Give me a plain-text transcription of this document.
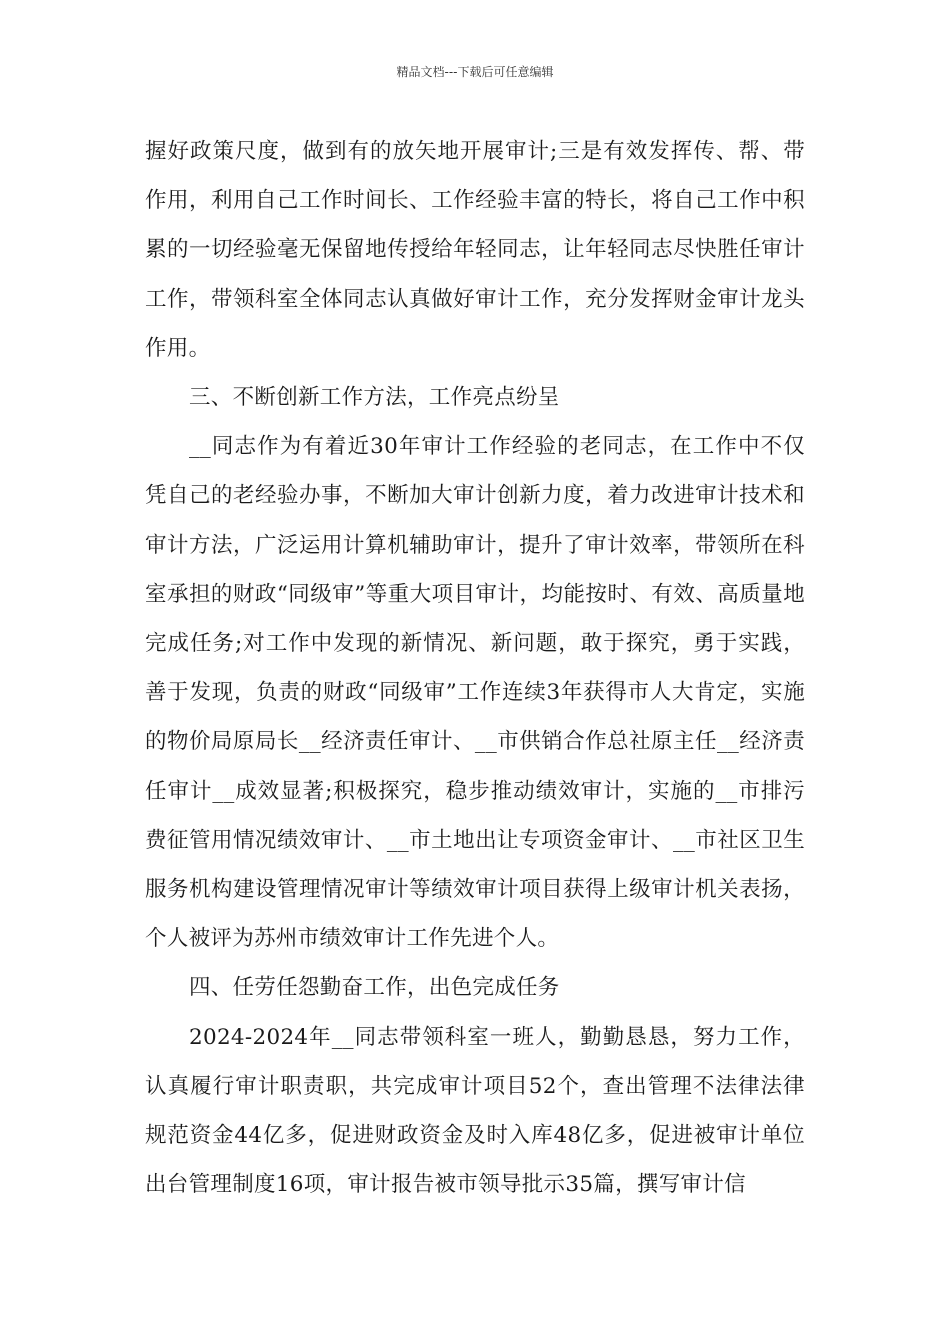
精品文档---下载后可任意编辑

握好政策尺度，做到有的放矢地开展审计;三是有效发挥传、帮、带作用，利用自己工作时间长、工作经验丰富的特长，将自己工作中积累的一切经验毫无保留地传授给年轻同志，让年轻同志尽快胜任审计工作，带领科室全体同志认真做好审计工作，充分发挥财金审计龙头作用。

三、不断创新工作方法，工作亮点纷呈

__同志作为有着近30年审计工作经验的老同志，在工作中不仅凭自己的老经验办事，不断加大审计创新力度，着力改进审计技术和审计方法，广泛运用计算机辅助审计，提升了审计效率，带领所在科室承担的财政“同级审”等重大项目审计，均能按时、有效、高质量地完成任务;对工作中发现的新情况、新问题，敢于探究，勇于实践，善于发现，负责的财政“同级审”工作连续3年获得市人大肯定，实施的物价局原局长__经济责任审计、__市供销合作总社原主任__经济责任审计__成效显著;积极探究，稳步推动绩效审计，实施的__市排污费征管用情况绩效审计、__市土地出让专项资金审计、__市社区卫生服务机构建设管理情况审计等绩效审计项目获得上级审计机关表扬，个人被评为苏州市绩效审计工作先进个人。

四、任劳任怨勤奋工作，出色完成任务

2024-2024年__同志带领科室一班人，勤勤恳恳，努力工作，认真履行审计职责职，共完成审计项目52个，查出管理不法律法律规范资金44亿多，促进财政资金及时入库48亿多，促进被审计单位出台管理制度16项，审计报告被市领导批示35篇，撰写审计信
